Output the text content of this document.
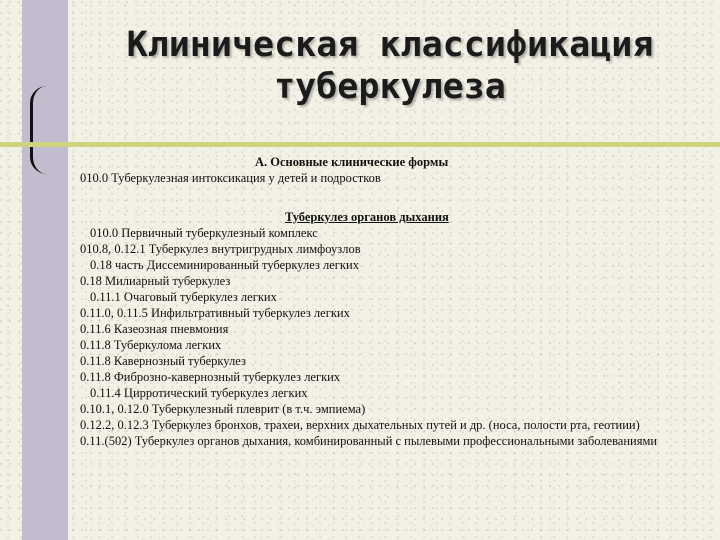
Клиническая классификация
туберкулеза
А. Основные клинические формы
010.0 Туберкулезная интоксикация у детей и подростков
Туберкулез органов дыхания
010.0 Первичный туберкулезный комплекс
010.8, 0.12.1 Туберкулез внутригрудных лимфоузлов
0.18 часть Диссеминированный туберкулез легких
0.18 Милиарный туберкулез
0.11.1 Очаговый туберкулез легких
0.11.0, 0.11.5 Инфильтративный туберкулез легких
0.11.6 Казеозная пневмония
0.11.8 Туберкулома легких
0.11.8 Кавернозный туберкулез
0.11.8 Фиброзно-кавернозный туберкулез легких
0.11.4 Цирротический туберкулез легких
0.10.1, 0.12.0 Туберкулезный плеврит (в т.ч. эмпиема)
0.12.2, 0.12.3 Туберкулез бронхов, трахеи, верхних дыхательных путей и др. (носа, полости рта, геотиии)
0.11.(502) Туберкулез органов дыхания, комбинированный с пылевыми профессиональными заболеваниями
